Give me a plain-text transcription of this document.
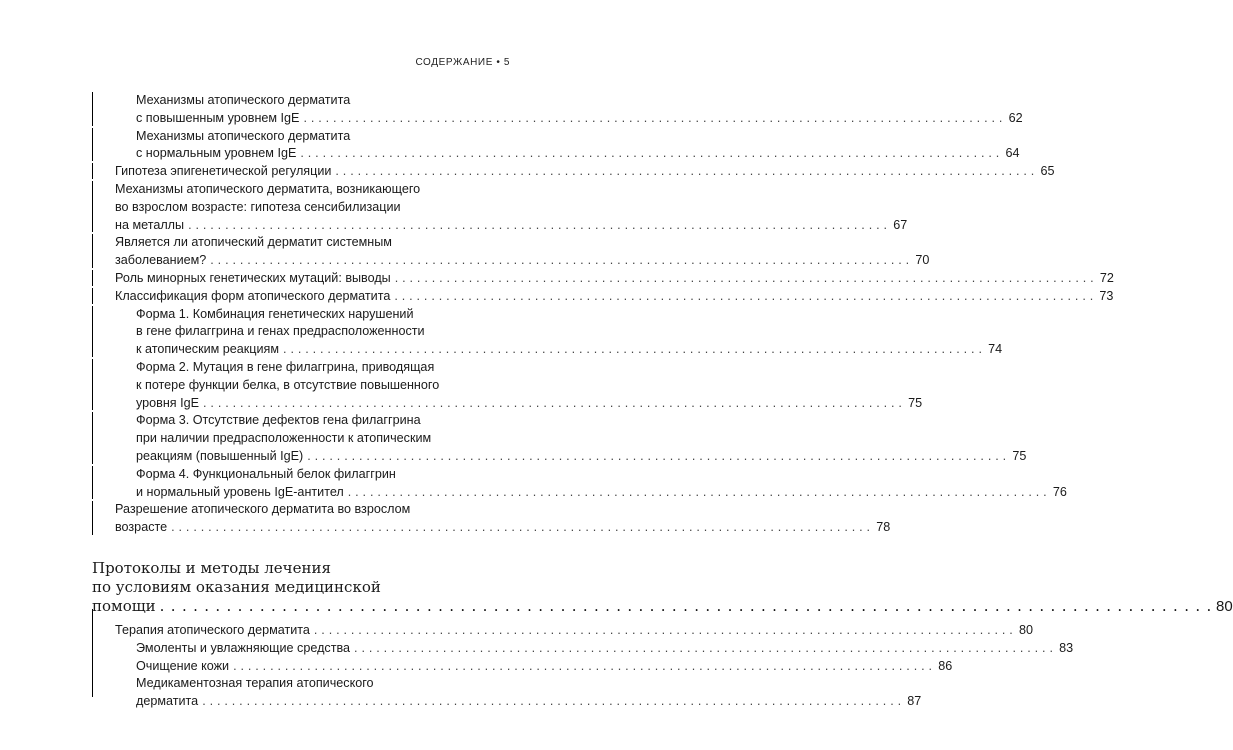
СОДЕРЖАНИЕ • 5
Механизмы атопического дерматита
с повышенным уровнем IgE . . .	62
Механизмы атопического дерматита
с нормальным уровнем IgE . . .	64
Гипотеза эпигенетической регуляции . . .	65
Механизмы атопического дерматита, возникающего
во взрослом возрасте: гипотеза сенсибилизации
на металлы . . .	67
Является ли атопический дерматит системным
заболеванием? . . .	70
Роль минорных генетических мутаций: выводы . . .	72
Классификация форм атопического дерматита . . .	73
Форма 1. Комбинация генетических нарушений
в гене филаггрина и генах предрасположенности
к атопическим реакциям . . .	74
Форма 2. Мутация в гене филаггрина, приводящая
к потере функции белка, в отсутствие повышенного
уровня IgE . . .	75
Форма 3. Отсутствие дефектов гена филаггрина
при наличии предрасположенности к атопическим
реакциям (повышенный IgE) . . .	75
Форма 4. Функциональный белок филаггрин
и нормальный уровень IgE-антител . . .	76
Разрешение атопического дерматита во взрослом
возрасте . . .	78
Протоколы и методы лечения
по условиям оказания медицинской
помощи . . .	80
Терапия атопического дерматита . . .	80
Эмоленты и увлажняющие средства . . .	83
Очищение кожи . . .	86
Медикаментозная терапия атопического
дерматита . . .	87
